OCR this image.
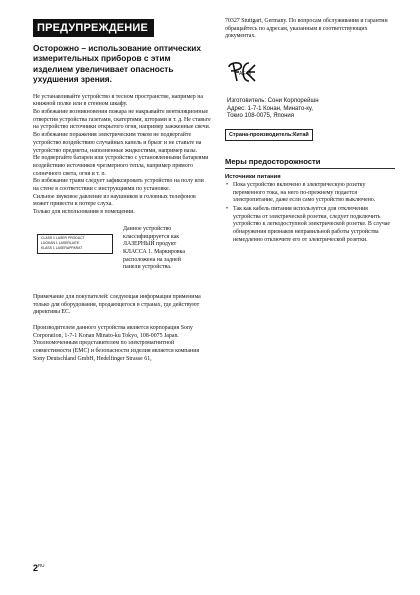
ПРЕДУПРЕЖДЕНИЕ

Осторожно – использование оптических измерительных приборов с этим изделием увеличивает опасность ухудшения зрения.

Не устанавливайте устройство в тесном пространстве, например на книжной полке или в стенном шкафу.

Во избежание возникновения пожара не накрывайте вентиляционные отверстия устройства газетами, скатертями, шторами и т. д. Не ставьте на устройство источники открытого огня, например зажженные свечи.

Во избежание поражения электрическим током не подвергайте устройство воздействию случайных капель и брызг и не ставьте на устройство предметы, наполненные жидкостями, например вазы.

Не подвергайте батареи или устройство с установленными батареями воздействию источников чрезмерного тепла, например прямого солнечного света, огня и т. п.

Во избежание травм следует зафиксировать устройство на полу или на стене в соответствии с инструкциями по установке.

Сильное звуковое давление из наушников и головных телефонов может привести к потере слуха.

Только для использования в помещении.

CLASS 1 LASER PRODUCT
LUOKAN 1 LASERLAITE
KLASS 1 LASERAPPARAT
Данное устройство классифицируется как ЛАЗЕРНЫЙ продукт КЛАССА 1. Маркировка расположена на задней панели устройства.

Примечание для покупателей: следующая информация применима только для оборудования, продающегося в странах, где действуют директивы ЕС.

Производителем данного устройства является корпорация Sony Corporation, 1-7-1 Konan Minato-ku Tokyo, 108-0075 Japan. Уполномоченным представителем по электромагнитной совместимости (ЕМС) и безопасности изделия является компания Sony Deutschland GmbH, Hedelfinger Strasse 61,

70327 Stuttgart, Germany. По вопросам обслуживания и гарантии обращайтесь по адресам, указанным в соответствующих документах.

AE46
Изготовитель: Сони Корпорейшн
Адрес: 1-7-1 Конан, Минато-ку,
Токио 108-0075, Япония
Страна-производитель:Китай
Меры предосторожности
Источники питания
• Пока устройство включено в электрическую розетку переменного тока, на него по-прежнему подается электропитание, даже если само устройство выключено.
• Так как кабель питания используется для отключения устройства от электрической розетки, следует подключить устройство к легкодоступной электрической розетке. В случае обнаружения признаков неправильной работы устройства немедленно отключите его от электрической розетки.
$2^{RU}$
